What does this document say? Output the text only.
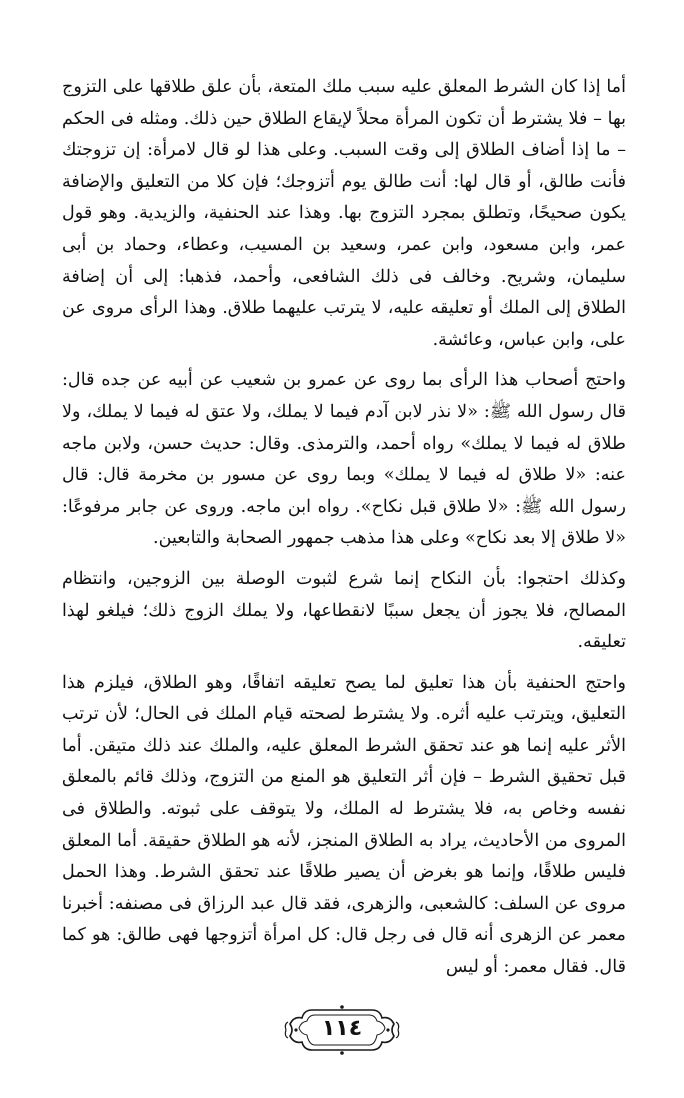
أما إذا كان الشرط المعلق عليه سبب ملك المتعة، بأن علق طلاقها على التزوج بها – فلا يشترط أن تكون المرأة محلاً لإيقاع الطلاق حين ذلك. ومثله فى الحكم – ما إذا أضاف الطلاق إلى وقت السبب. وعلى هذا لو قال لامرأة: إن تزوجتك فأنت طالق، أو قال لها: أنت طالق يوم أتزوجك؛ فإن كلا من التعليق والإضافة يكون صحيحًا، وتطلق بمجرد التزوج بها. وهذا عند الحنفية، والزيدية. وهو قول عمر، وابن مسعود، وابن عمر، وسعيد بن المسيب، وعطاء، وحماد بن أبى سليمان، وشريح. وخالف فى ذلك الشافعى، وأحمد، فذهبا: إلى أن إضافة الطلاق إلى الملك أو تعليقه عليه، لا يترتب عليهما طلاق. وهذا الرأى مروى عن على، وابن عباس، وعائشة.

واحتج أصحاب هذا الرأى بما روى عن عمرو بن شعيب عن أبيه عن جده قال: قال رسول الله ﷺ: «لا نذر لابن آدم فيما لا يملك، ولا عتق له فيما لا يملك، ولا طلاق له فيما لا يملك» رواه أحمد، والترمذى. وقال: حديث حسن، ولابن ماجه عنه: «لا طلاق له فيما لا يملك» وبما روى عن مسور بن مخرمة قال: قال رسول الله ﷺ: «لا طلاق قبل نكاح». رواه ابن ماجه. وروى عن جابر مرفوعًا: «لا طلاق إلا بعد نكاح» وعلى هذا مذهب جمهور الصحابة والتابعين.

وكذلك احتجوا: بأن النكاح إنما شرع لثبوت الوصلة بين الزوجين، وانتظام المصالح، فلا يجوز أن يجعل سببًا لانقطاعها، ولا يملك الزوج ذلك؛ فيلغو لهذا تعليقه.

واحتج الحنفية بأن هذا تعليق لما يصح تعليقه اتفاقًا، وهو الطلاق، فيلزم هذا التعليق، ويترتب عليه أثره. ولا يشترط لصحته قيام الملك فى الحال؛ لأن ترتب الأثر عليه إنما هو عند تحقق الشرط المعلق عليه، والملك عند ذلك متيقن. أما قبل تحقيق الشرط – فإن أثر التعليق هو المنع من التزوج، وذلك قائم بالمعلق نفسه وخاص به، فلا يشترط له الملك، ولا يتوقف على ثبوته. والطلاق فى المروى من الأحاديث، يراد به الطلاق المنجز، لأنه هو الطلاق حقيقة. أما المعلق فليس طلاقًا، وإنما هو بغرض أن يصير طلاقًا عند تحقق الشرط. وهذا الحمل مروى عن السلف: كالشعبى، والزهرى، فقد قال عبد الرزاق فى مصنفه: أخبرنا معمر عن الزهرى أنه قال فى رجل قال: كل امرأة أتزوجها فهى طالق: هو كما قال. فقال معمر: أو ليس

١١٤
